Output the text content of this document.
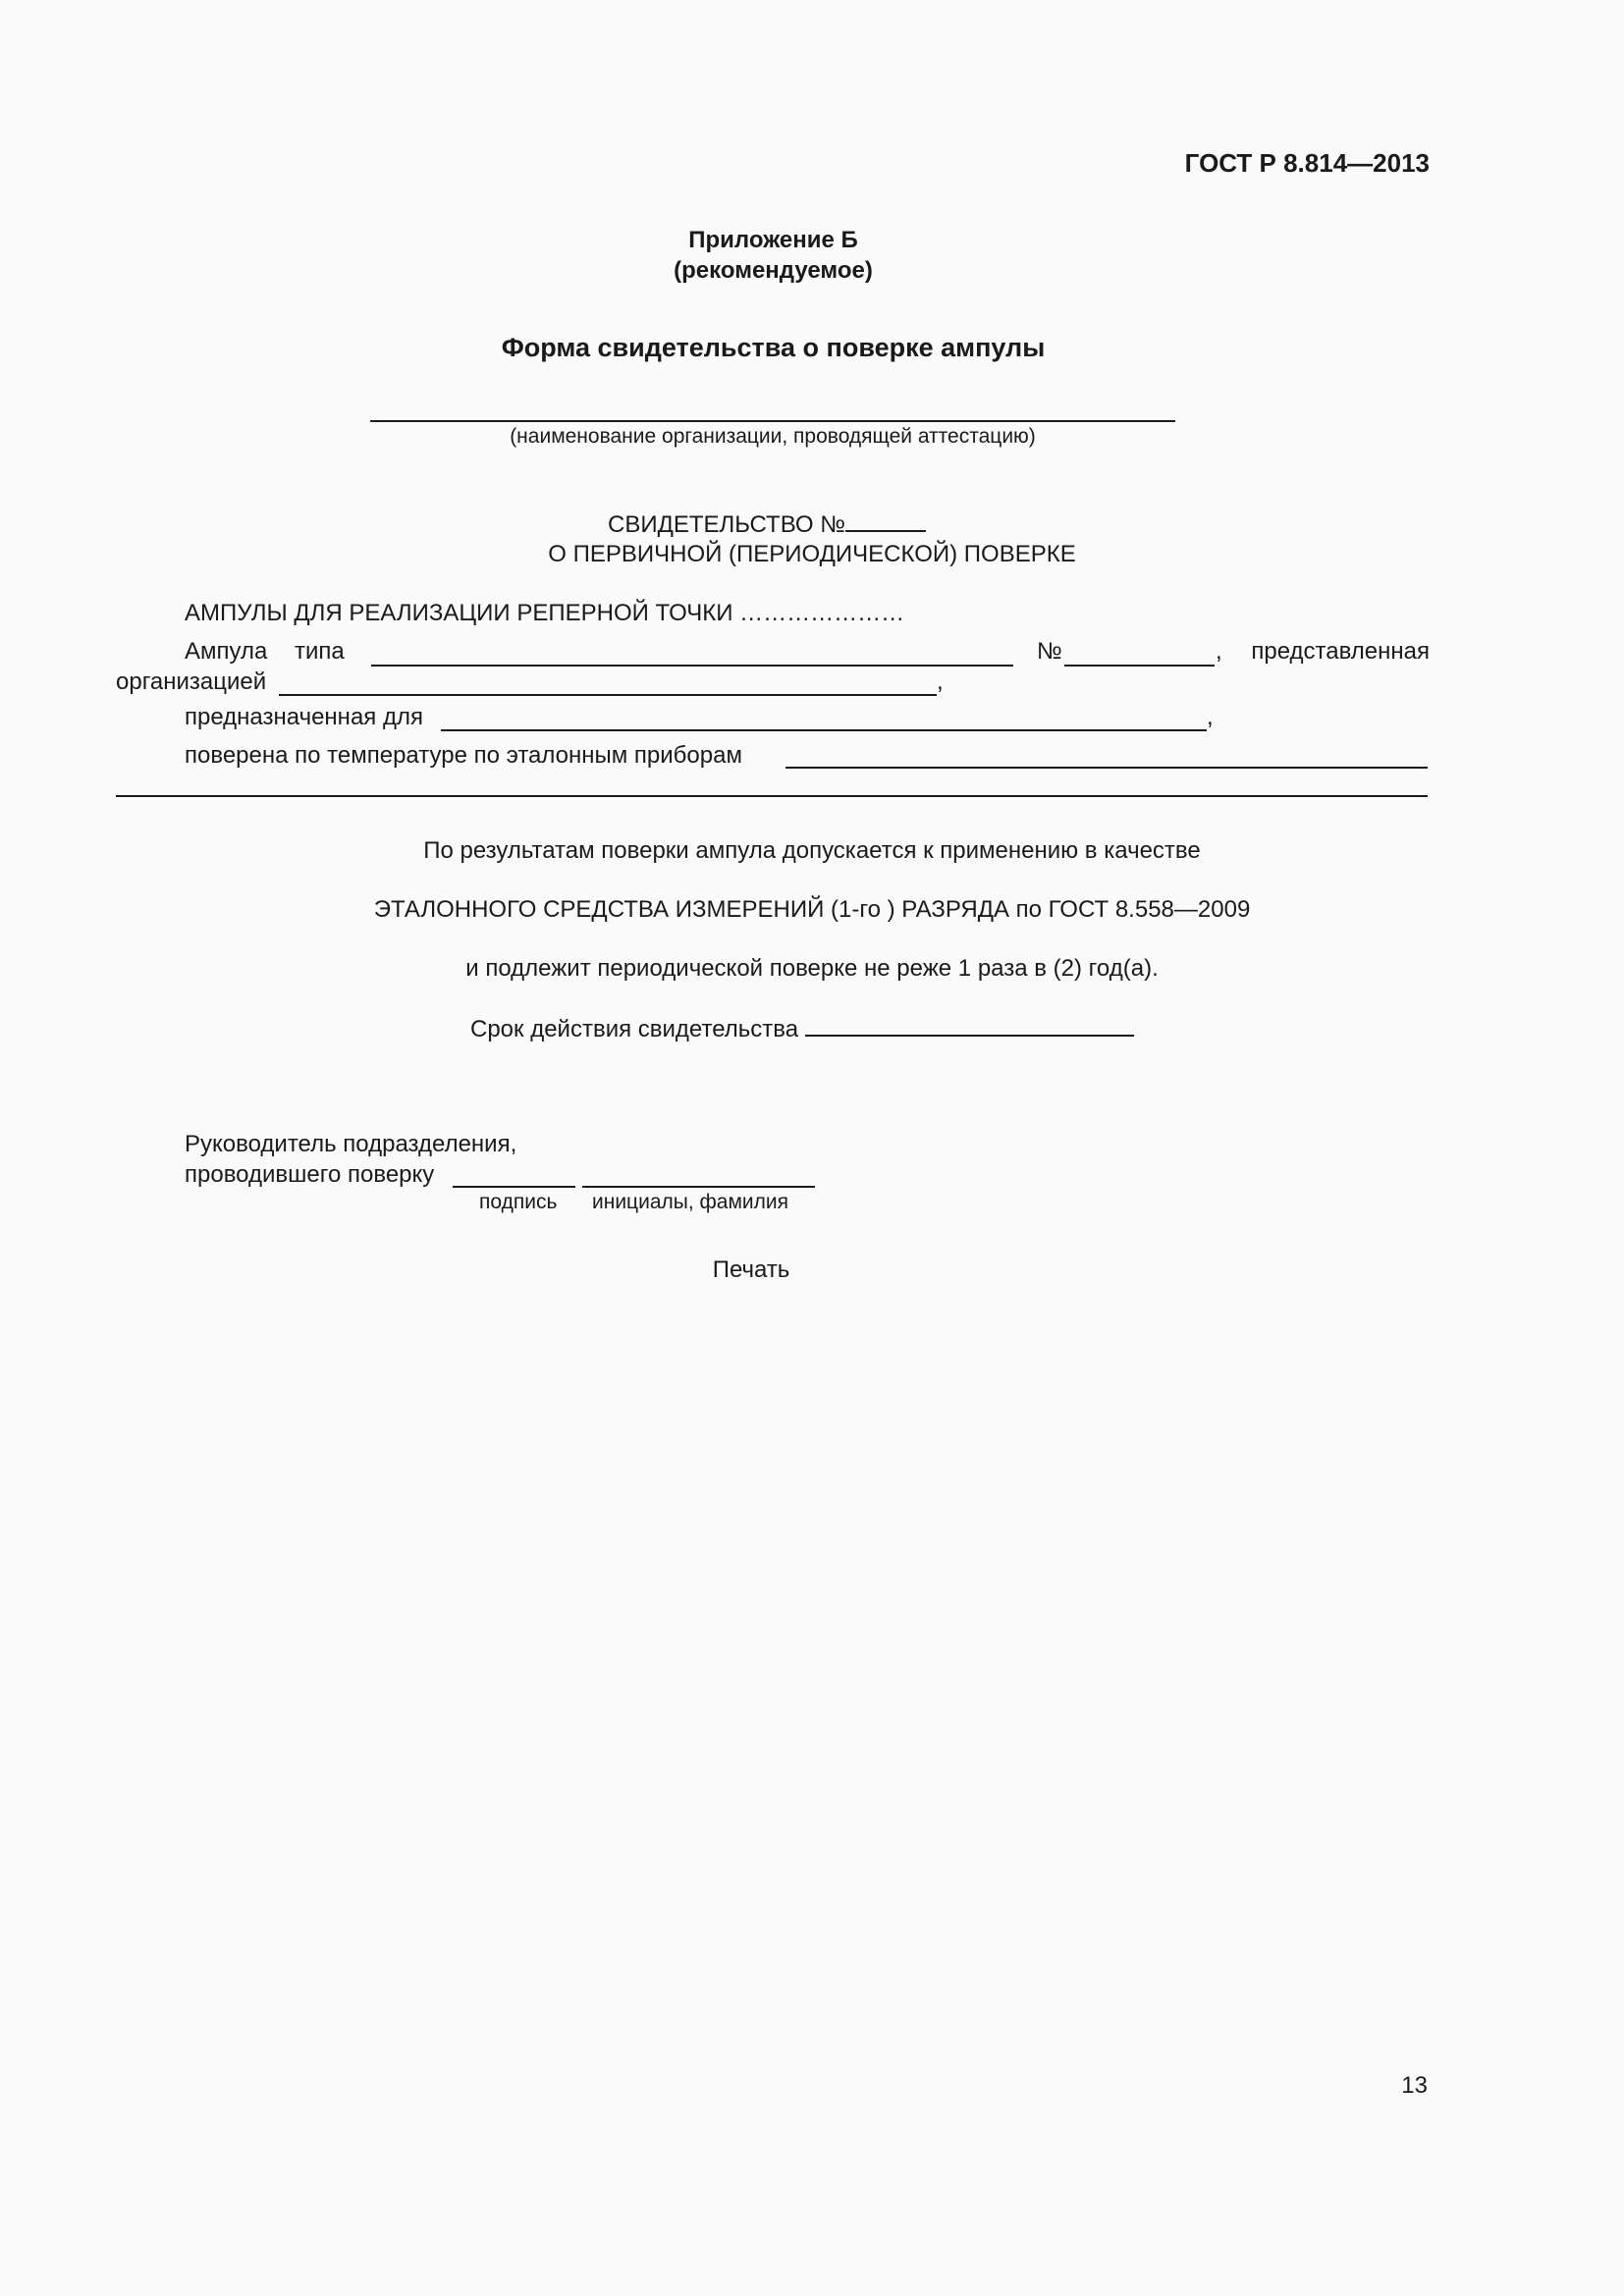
ГОСТ Р 8.814—2013
Приложение Б
(рекомендуемое)
Форма свидетельства о поверке ампулы
(наименование организации, проводящей аттестацию)
СВИДЕТЕЛЬСТВО №
О ПЕРВИЧНОЙ (ПЕРИОДИЧЕСКОЙ) ПОВЕРКЕ
АМПУЛЫ ДЛЯ РЕАЛИЗАЦИИ РЕПЕРНОЙ ТОЧКИ …………………
Ампула типа	№	, представленная
организацией	,
предназначенная для	,
поверена по температуре по эталонным приборам
По результатам поверки ампула допускается к применению в качестве
ЭТАЛОННОГО СРЕДСТВА ИЗМЕРЕНИЙ (1-го ) РАЗРЯДА по ГОСТ 8.558—2009
и подлежит периодической поверке не реже 1 раза в (2) год(а).
Срок действия свидетельства
Руководитель подразделения,
проводившего поверку
подпись инициалы, фамилия
Печать
13
